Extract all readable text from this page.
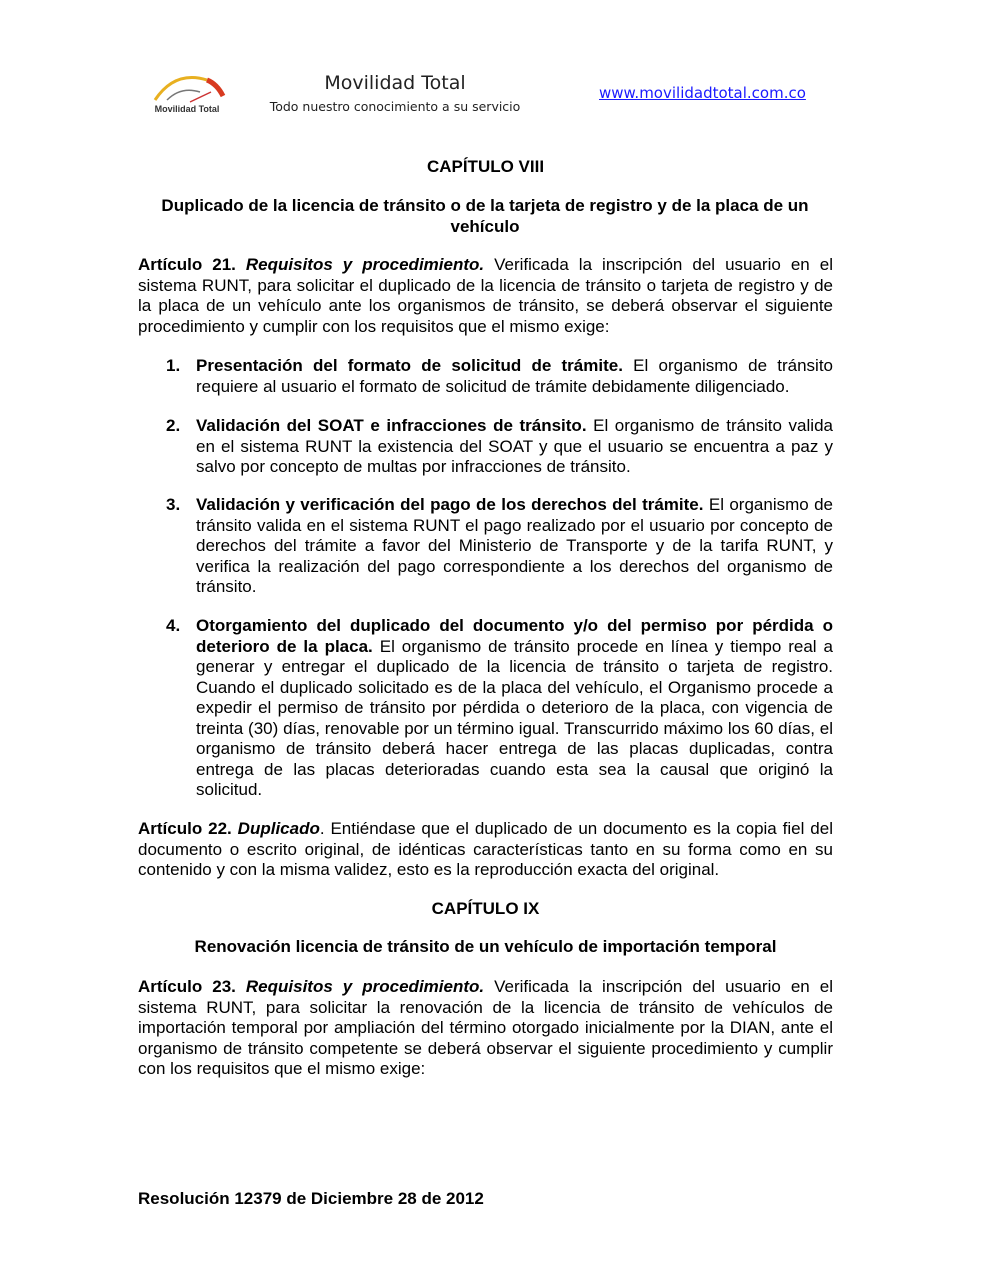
Movilidad Total
Movilidad Total
Todo nuestro conocimiento a su servicio
www.movilidadtotal.com.co
CAPÍTULO VIII
Duplicado de la licencia de tránsito o de la tarjeta de registro y de la placa de un vehículo
Artículo 21. Requisitos y procedimiento. Verificada la inscripción del usuario en el sistema RUNT, para solicitar el duplicado de la licencia de tránsito o tarjeta de registro y de la placa de un vehículo ante los organismos de tránsito, se deberá observar el siguiente procedimiento y cumplir con los requisitos que el mismo exige:
1. Presentación del formato de solicitud de trámite. El organismo de tránsito requiere al usuario el formato de solicitud de trámite debidamente diligenciado.
2. Validación del SOAT e infracciones de tránsito. El organismo de tránsito valida en el sistema RUNT la existencia del SOAT y que el usuario se encuentra a paz y salvo por concepto de multas por infracciones de tránsito.
3. Validación y verificación del pago de los derechos del trámite. El organismo de tránsito valida en el sistema RUNT el pago realizado por el usuario por concepto de derechos del trámite a favor del Ministerio de Transporte y de la tarifa RUNT, y verifica la realización del pago correspondiente a los derechos del organismo de tránsito.
4. Otorgamiento del duplicado del documento y/o del permiso por pérdida o deterioro de la placa. El organismo de tránsito procede en línea y tiempo real a generar y entregar el duplicado de la licencia de tránsito o tarjeta de registro. Cuando el duplicado solicitado es de la placa del vehículo, el Organismo procede a expedir el permiso de tránsito por pérdida o deterioro de la placa, con vigencia de treinta (30) días, renovable por un término igual. Transcurrido máximo los 60 días, el organismo de tránsito deberá hacer entrega de las placas duplicadas, contra entrega de las placas deterioradas cuando esta sea la causal que originó la solicitud.
Artículo 22. Duplicado. Entiéndase que el duplicado de un documento es la copia fiel del documento o escrito original, de idénticas características tanto en su forma como en su contenido y con la misma validez, esto es la reproducción exacta del original.
CAPÍTULO IX
Renovación licencia de tránsito de un vehículo de importación temporal
Artículo 23. Requisitos y procedimiento. Verificada la inscripción del usuario en el sistema RUNT, para solicitar la renovación de la licencia de tránsito de vehículos de importación temporal por ampliación del término otorgado inicialmente por la DIAN, ante el organismo de tránsito competente se deberá observar el siguiente procedimiento y cumplir con los requisitos que el mismo exige:
Resolución 12379 de Diciembre 28 de 2012
